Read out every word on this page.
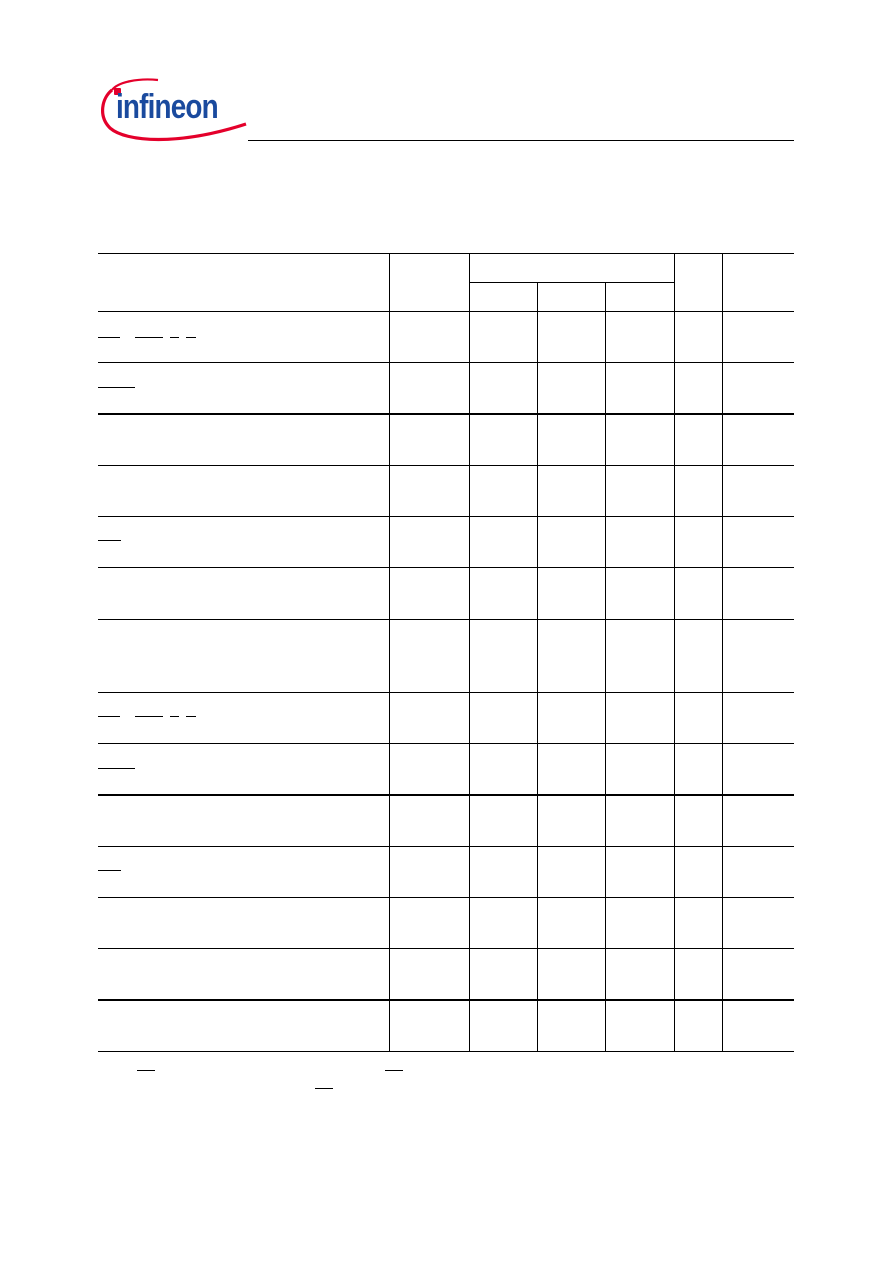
infineon
